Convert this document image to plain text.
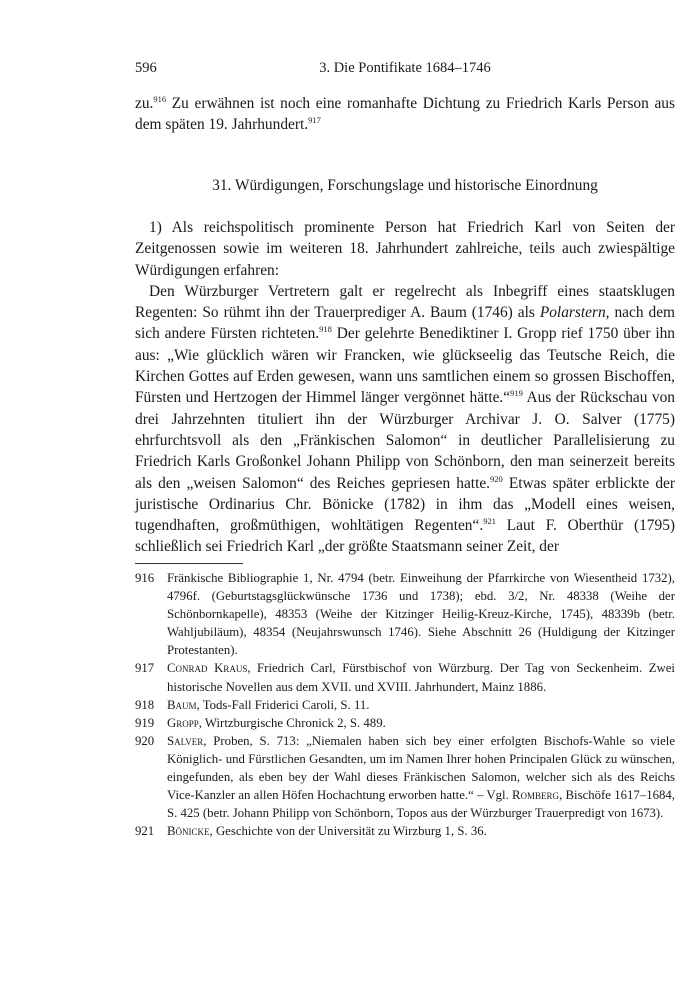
596	3. Die Pontifikate 1684–1746

zu.$^{916}$ Zu erwähnen ist noch eine romanhafte Dichtung zu Friedrich Karls Person aus dem späten 19. Jahrhundert.$^{917}$

31. Würdigungen, Forschungslage und historische Einordnung

1) Als reichspolitisch prominente Person hat Friedrich Karl von Seiten der Zeitgenossen sowie im weiteren 18. Jahrhundert zahlreiche, teils auch zwiespältige Würdigungen erfahren:

Den Würzburger Vertretern galt er regelrecht als Inbegriff eines staatsklugen Regenten: So rühmt ihn der Trauerprediger A. Baum (1746) als Polarstern, nach dem sich andere Fürsten richteten.$^{918}$ Der gelehrte Benediktiner I. Gropp rief 1750 über ihn aus: „Wie glücklich wären wir Francken, wie glückseelig das Teutsche Reich, die Kirchen Gottes auf Erden gewesen, wann uns samtlichen einem so grossen Bischoffen, Fürsten und Hertzogen der Himmel länger vergönnet hätte.“$^{919}$ Aus der Rückschau von drei Jahrzehnten tituliert ihn der Würzburger Archivar J. O. Salver (1775) ehrfurchtsvoll als den „Fränkischen Salomon“ in deutlicher Parallelisierung zu Friedrich Karls Großonkel Johann Philipp von Schönborn, den man seinerzeit bereits als den „weisen Salomon“ des Reiches gepriesen hatte.$^{920}$ Etwas später erblickte der juristische Ordinarius Chr. Bönicke (1782) in ihm das „Modell eines weisen, tugendhaften, großmüthigen, wohltätigen Regenten“.$^{921}$ Laut F. Oberthür (1795) schließlich sei Friedrich Karl „der größte Staatsmann seiner Zeit, der

916 Fränkische Bibliographie 1, Nr. 4794 (betr. Einweihung der Pfarrkirche von Wiesentheid 1732), 4796f. (Geburtstagsglückwünsche 1736 und 1738); ebd. 3/2, Nr. 48338 (Weihe der Schönbornkapelle), 48353 (Weihe der Kitzinger Heilig-Kreuz-Kirche, 1745), 48339b (betr. Wahljubiläum), 48354 (Neujahrswunsch 1746). Siehe Abschnitt 26 (Huldigung der Kitzinger Protestanten).
917 Conrad Kraus, Friedrich Carl, Fürstbischof von Würzburg. Der Tag von Seckenheim. Zwei historische Novellen aus dem XVII. und XVIII. Jahrhundert, Mainz 1886.
918 Baum, Tods-Fall Friderici Caroli, S. 11.
919 Gropp, Wirtzburgische Chronick 2, S. 489.
920 Salver, Proben, S. 713: „Niemalen haben sich bey einer erfolgten Bischofs-Wahle so viele Königlich- und Fürstlichen Gesandten, um im Namen Ihrer hohen Principalen Glück zu wünschen, eingefunden, als eben bey der Wahl dieses Fränkischen Salomon, welcher sich als des Reichs Vice-Kanzler an allen Höfen Hochachtung erworben hatte.“ – Vgl. Romberg, Bischöfe 1617–1684, S. 425 (betr. Johann Philipp von Schönborn, Topos aus der Würzburger Trauerpredigt von 1673).
921 Bönicke, Geschichte von der Universität zu Wirzburg 1, S. 36.
